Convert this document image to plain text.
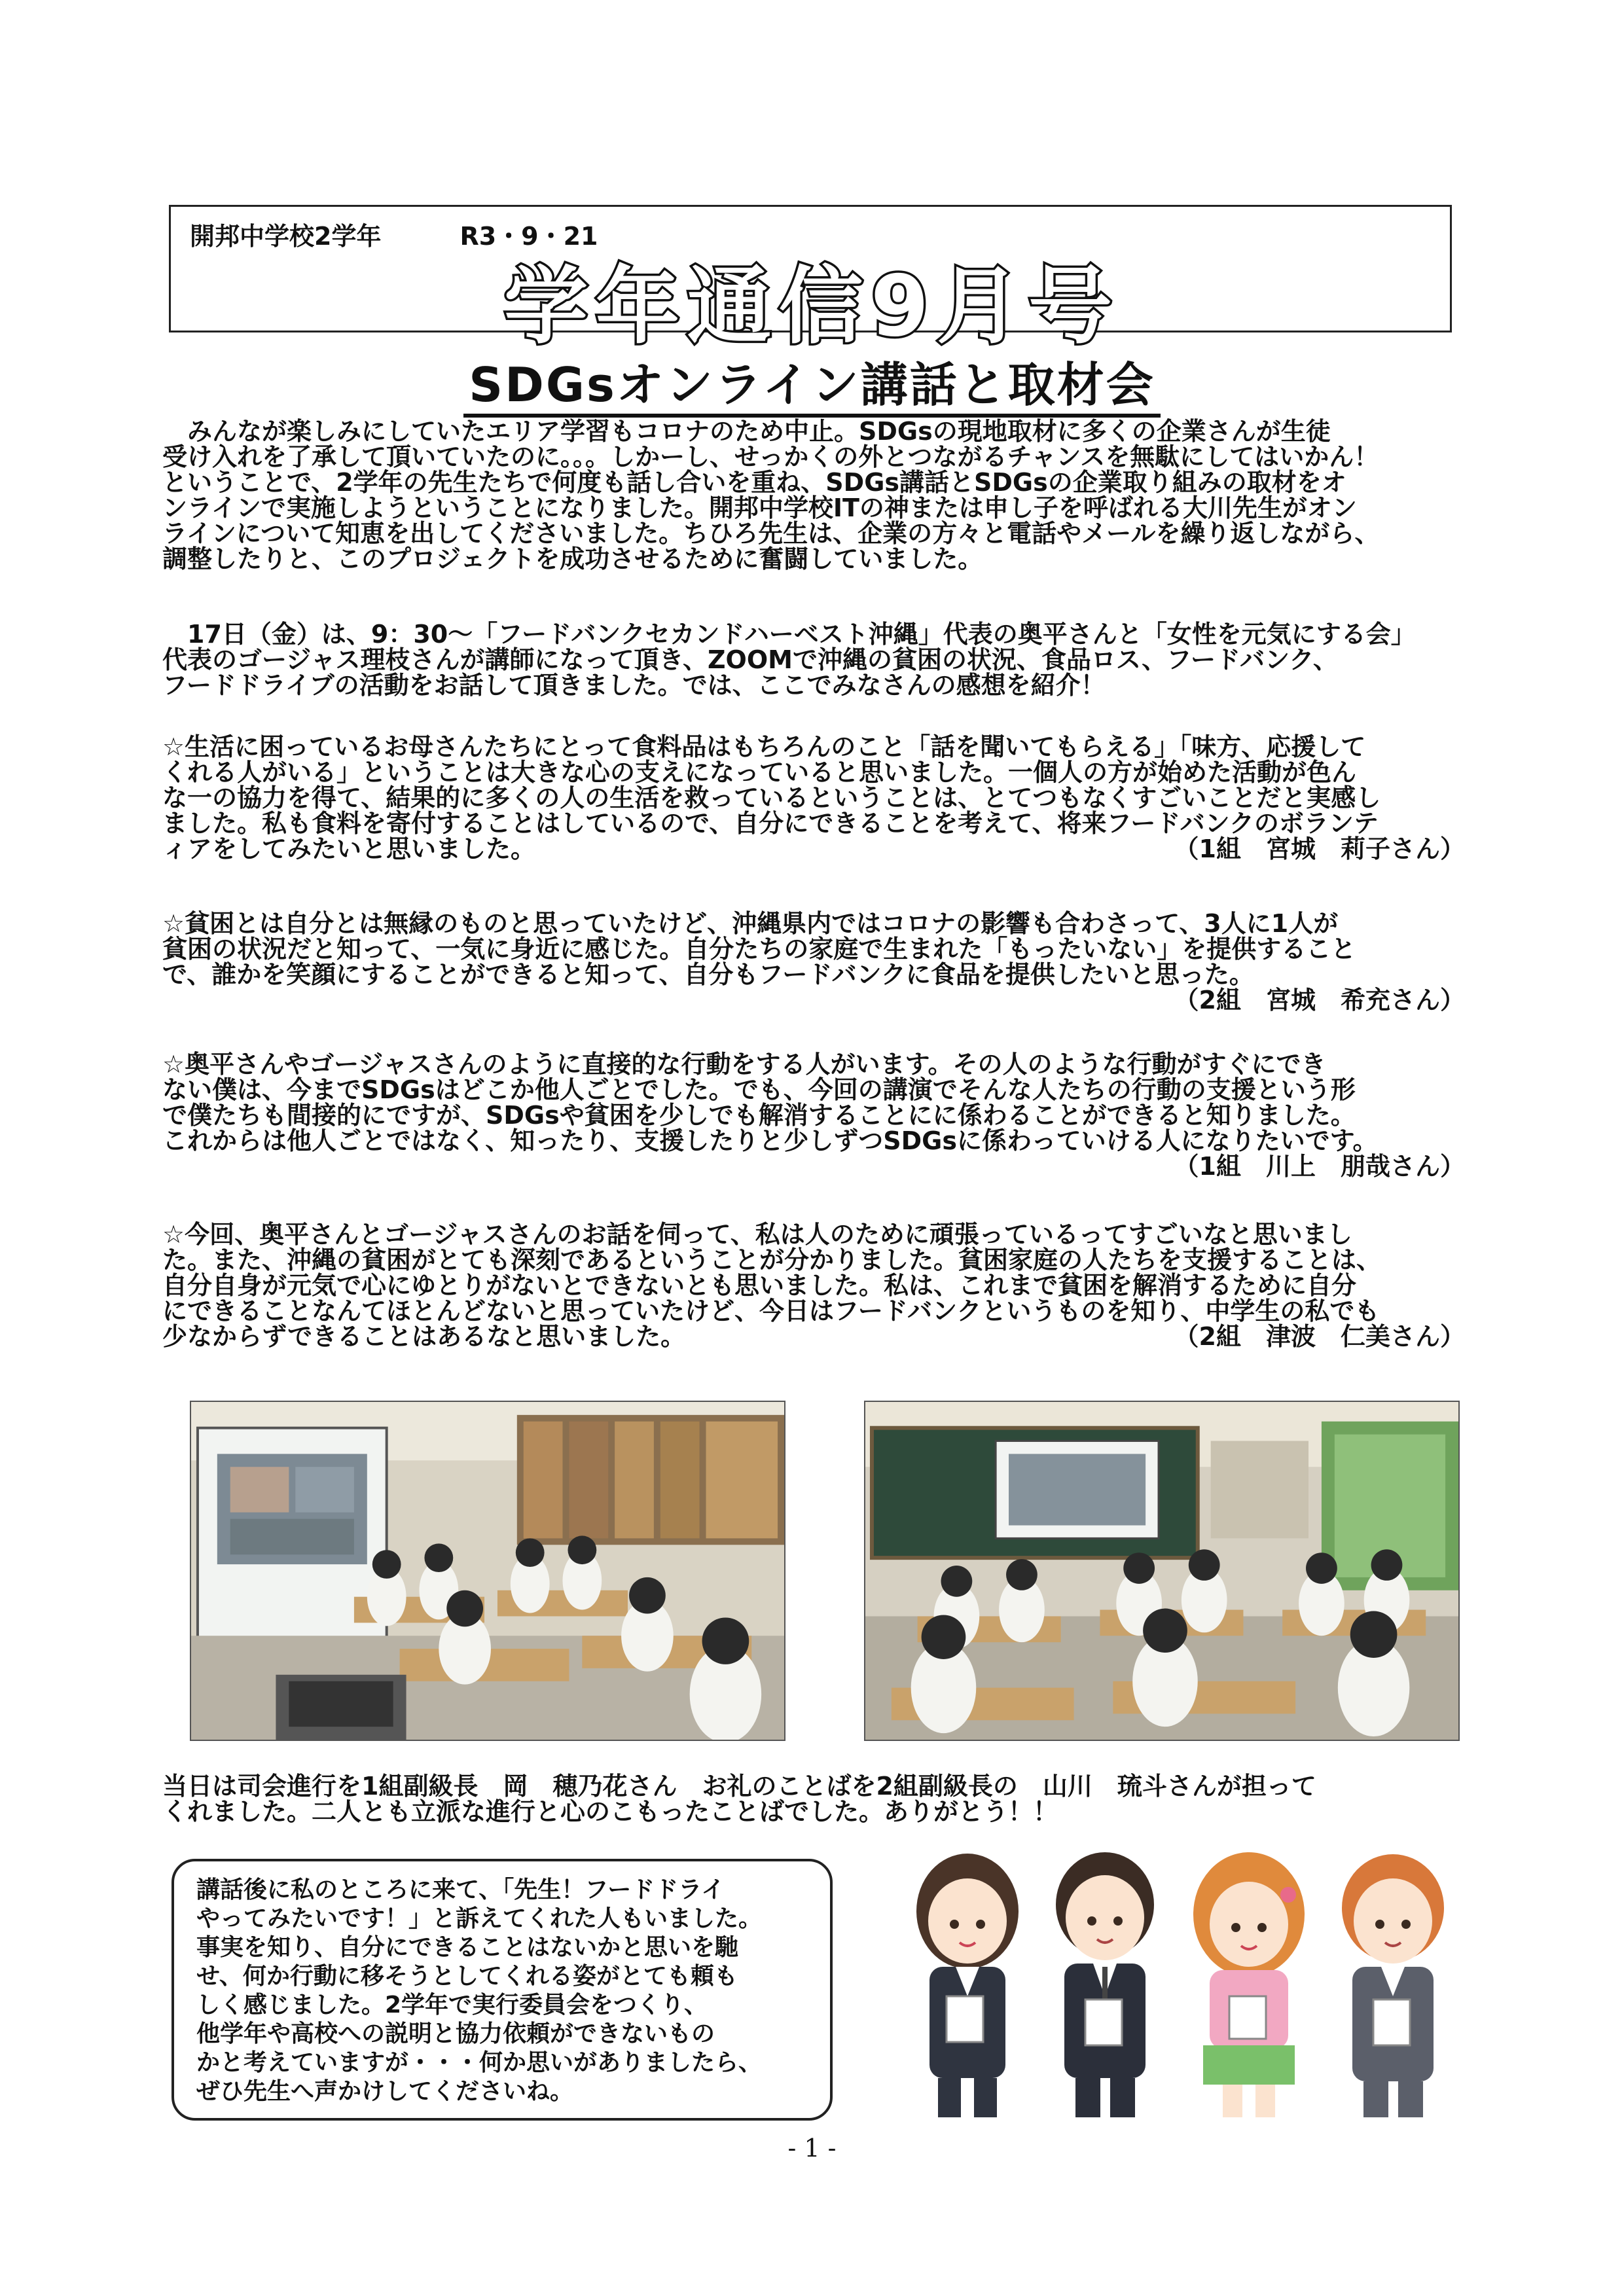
開邦中学校2学年	R3・9・21
学年通信9月号
SDGsオンライン講話と取材会

　みんなが楽しみにしていたエリア学習もコロナのため中止。SDGsの現地取材に多くの企業さんが生徒
受け入れを了承して頂いていたのに。。。しかーし、せっかくの外とつながるチャンスを無駄にしてはいかん！
ということで、2学年の先生たちで何度も話し合いを重ね、SDGs講話とSDGsの企業取り組みの取材をオ
ンラインで実施しようということになりました。開邦中学校ITの神または申し子を呼ばれる大川先生がオン
ラインについて知恵を出してくださいました。ちひろ先生は、企業の方々と電話やメールを繰り返しながら、
調整したりと、このプロジェクトを成功させるために奮闘していました。

　17日（金）は、9：30～「フードバンクセカンドハーベスト沖縄」代表の奥平さんと「女性を元気にする会」
代表のゴージャス理枝さんが講師になって頂き、ZOOMで沖縄の貧困の状況、食品ロス、フードバンク、
フードドライブの活動をお話して頂きました。では、ここでみなさんの感想を紹介！

☆生活に困っているお母さんたちにとって食料品はもちろんのこと「話を聞いてもらえる」「味方、応援して
くれる人がいる」ということは大きな心の支えになっていると思いました。一個人の方が始めた活動が色ん
な一の協力を得て、結果的に多くの人の生活を救っているということは、とてつもなくすごいことだと実感し
ました。私も食料を寄付することはしているので、自分にできることを考えて、将来フードバンクのボランテ
ィアをしてみたいと思いました。	（1組　宮城　莉子さん）

☆貧困とは自分とは無縁のものと思っていたけど、沖縄県内ではコロナの影響も合わさって、3人に1人が
貧困の状況だと知って、一気に身近に感じた。自分たちの家庭で生まれた「もったいない」を提供すること
で、誰かを笑顔にすることができると知って、自分もフードバンクに食品を提供したいと思った。
（2組　宮城　希充さん）

☆奥平さんやゴージャスさんのように直接的な行動をする人がいます。その人のような行動がすぐにでき
ない僕は、今までSDGsはどこか他人ごとでした。でも、今回の講演でそんな人たちの行動の支援という形
で僕たちも間接的にですが、SDGsや貧困を少しでも解消することにに係わることができると知りました。
これからは他人ごとではなく、知ったり、支援したりと少しずつSDGsに係わっていける人になりたいです。
（1組　川上　朋哉さん）

☆今回、奥平さんとゴージャスさんのお話を伺って、私は人のために頑張っているってすごいなと思いまし
た。また、沖縄の貧困がとても深刻であるということが分かりました。貧困家庭の人たちを支援することは、
自分自身が元気で心にゆとりがないとできないとも思いました。私は、これまで貧困を解消するために自分
にできることなんてほとんどないと思っていたけど、今日はフードバンクというものを知り、中学生の私でも
少なからずできることはあるなと思いました。	（2組　津波　仁美さん）

当日は司会進行を1組副級長　岡　穂乃花さん　お礼のことばを2組副級長の　山川　琉斗さんが担って
くれました。二人とも立派な進行と心のこもったことばでした。ありがとう！！

講話後に私のところに来て、「先生！フードドライ
やってみたいです！」と訴えてくれた人もいました。
事実を知り、自分にできることはないかと思いを馳
せ、何か行動に移そうとしてくれる姿がとても頼も
しく感じました。2学年で実行委員会をつくり、
他学年や高校への説明と協力依頼ができないもの
かと考えていますが・・・何か思いがありましたら、
ぜひ先生へ声かけしてくださいね。
- 1 -
